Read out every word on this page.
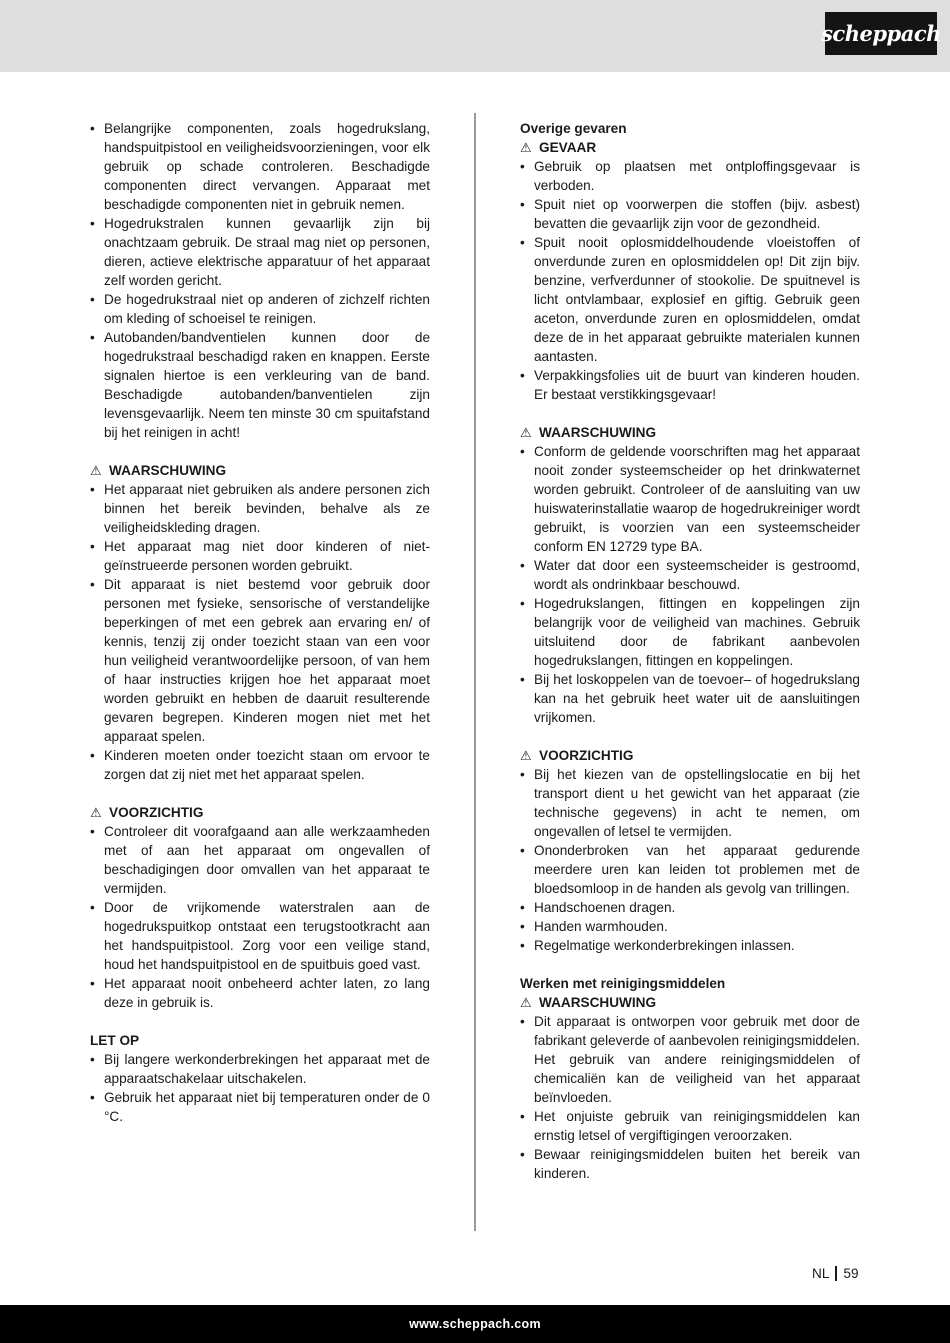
scheppach
• Belangrijke componenten, zoals hogedrukslang, handspuitpistool en veiligheidsvoorzieningen, voor elk gebruik op schade controleren. Beschadigde componenten direct vervangen. Apparaat met beschadigde componenten niet in gebruik nemen.
• Hogedrukstralen kunnen gevaarlijk zijn bij onachtzaam gebruik. De straal mag niet op personen, dieren, actieve elektrische apparatuur of het apparaat zelf worden gericht.
• De hogedrukstraal niet op anderen of zichzelf richten om kleding of schoeisel te reinigen.
• Autobanden/bandventielen kunnen door de hogedrukstraal beschadigd raken en knappen. Eerste signalen hiertoe is een verkleuring van de band. Beschadigde autobanden/banventielen zijn levensgevaarlijk. Neem ten minste 30 cm spuitafstand bij het reinigen in acht!
⚠ WAARSCHUWING
• Het apparaat niet gebruiken als andere personen zich binnen het bereik bevinden, behalve als ze veiligheidskleding dragen.
• Het apparaat mag niet door kinderen of niet-geïnstrueerde personen worden gebruikt.
• Dit apparaat is niet bestemd voor gebruik door personen met fysieke, sensorische of verstandelijke beperkingen of met een gebrek aan ervaring en/ of kennis, tenzij zij onder toezicht staan van een voor hun veiligheid verantwoordelijke persoon, of van hem of haar instructies krijgen hoe het apparaat moet worden gebruikt en hebben de daaruit resulterende gevaren begrepen. Kinderen mogen niet met het apparaat spelen.
• Kinderen moeten onder toezicht staan om ervoor te zorgen dat zij niet met het apparaat spelen.
⚠ VOORZICHTIG
• Controleer dit voorafgaand aan alle werkzaamheden met of aan het apparaat om ongevallen of beschadigingen door omvallen van het apparaat te vermijden.
• Door de vrijkomende waterstralen aan de hogedrukspuitkop ontstaat een terugstootkracht aan het handspuitpistool. Zorg voor een veilige stand, houd het handspuitpistool en de spuitbuis goed vast.
• Het apparaat nooit onbeheerd achter laten, zo lang deze in gebruik is.
LET OP
• Bij langere werkonderbrekingen het apparaat met de apparaatschakelaar uitschakelen.
• Gebruik het apparaat niet bij temperaturen onder de 0 °C.
Overige gevaren
⚠ GEVAAR
• Gebruik op plaatsen met ontploffingsgevaar is verboden.
• Spuit niet op voorwerpen die stoffen (bijv. asbest) bevatten die gevaarlijk zijn voor de gezondheid.
• Spuit nooit oplosmiddelhoudende vloeistoffen of onverdunde zuren en oplosmiddelen op! Dit zijn bijv. benzine, verfverdunner of stookolie. De spuitnevel is licht ontvlambaar, explosief en giftig. Gebruik geen aceton, onverdunde zuren en oplosmiddelen, omdat deze de in het apparaat gebruikte materialen kunnen aantasten.
• Verpakkingsfolies uit de buurt van kinderen houden. Er bestaat verstikkingsgevaar!
⚠ WAARSCHUWING
• Conform de geldende voorschriften mag het apparaat nooit zonder systeemscheider op het drinkwaternet worden gebruikt. Controleer of de aansluiting van uw huiswaterinstallatie waarop de hogedrukreiniger wordt gebruikt, is voorzien van een systeemscheider conform EN 12729 type BA.
• Water dat door een systeemscheider is gestroomd, wordt als ondrinkbaar beschouwd.
• Hogedrukslangen, fittingen en koppelingen zijn belangrijk voor de veiligheid van machines. Gebruik uitsluitend door de fabrikant aanbevolen hogedrukslangen, fittingen en koppelingen.
• Bij het loskoppelen van de toevoer– of hogedrukslang kan na het gebruik heet water uit de aansluitingen vrijkomen.
⚠ VOORZICHTIG
• Bij het kiezen van de opstellingslocatie en bij het transport dient u het gewicht van het apparaat (zie technische gegevens) in acht te nemen, om ongevallen of letsel te vermijden.
• Ononderbroken van het apparaat gedurende meerdere uren kan leiden tot problemen met de bloedsomloop in de handen als gevolg van trillingen.
• Handschoenen dragen.
• Handen warmhouden.
• Regelmatige werkonderbrekingen inlassen.
Werken met reinigingsmiddelen
⚠ WAARSCHUWING
• Dit apparaat is ontworpen voor gebruik met door de fabrikant geleverde of aanbevolen reinigingsmiddelen. Het gebruik van andere reinigingsmiddelen of chemicaliën kan de veiligheid van het apparaat beïnvloeden.
• Het onjuiste gebruik van reinigingsmiddelen kan ernstig letsel of vergiftigingen veroorzaken.
• Bewaar reinigingsmiddelen buiten het bereik van kinderen.
NL 59
www.scheppach.com
